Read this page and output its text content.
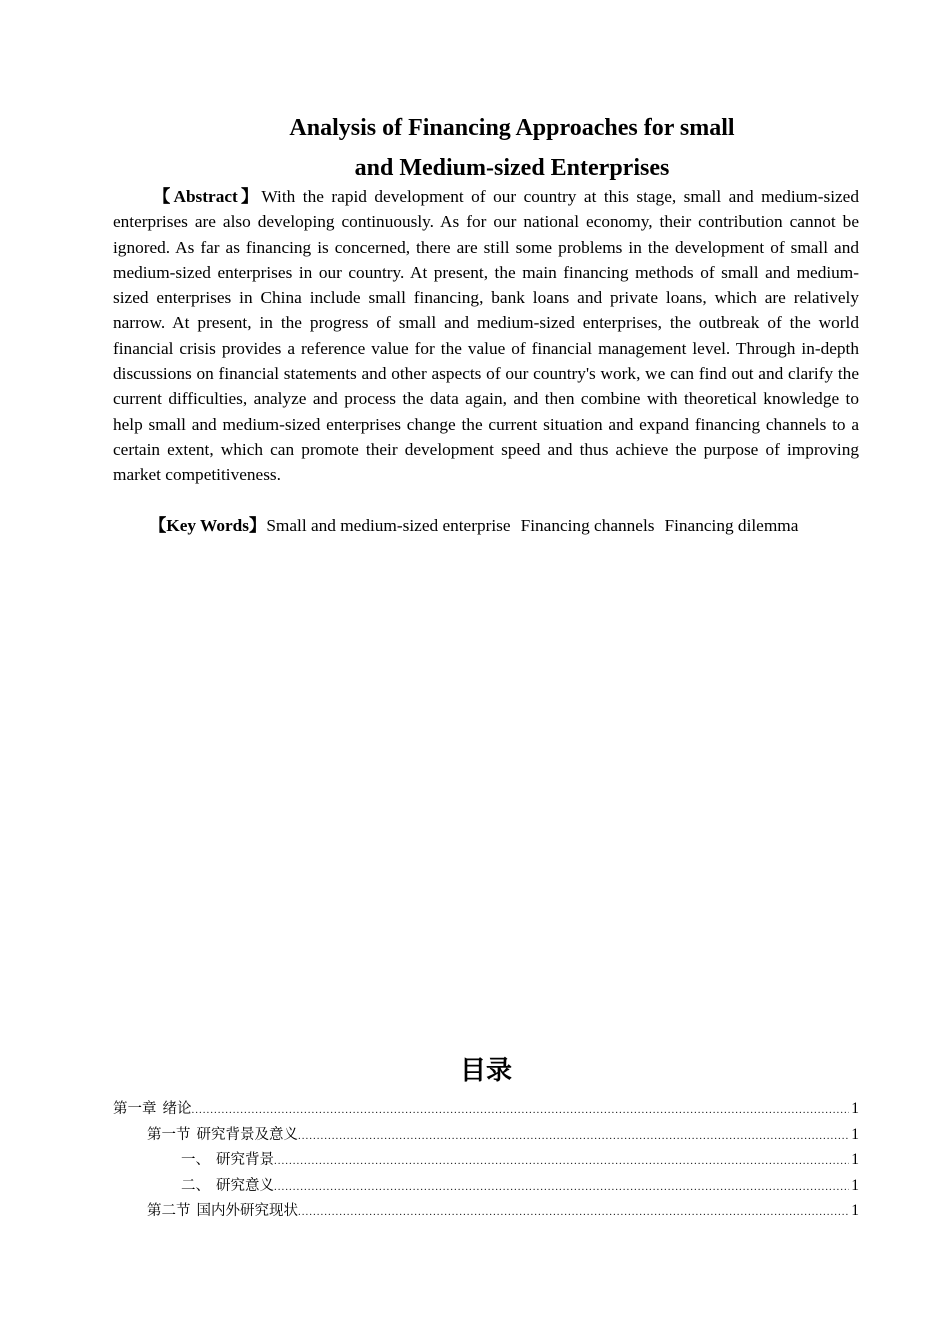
Analysis of Financing Approaches for small
and Medium-sized Enterprises

【Abstract】With the rapid development of our country at this stage, small and medium-sized enterprises are also developing continuously. As for our national economy, their contribution cannot be ignored. As far as financing is concerned, there are still some problems in the development of small and medium-sized enterprises in our country. At present, the main financing methods of small and medium-sized enterprises in China include small financing, bank loans and private loans, which are relatively narrow. At present, in the progress of small and medium-sized enterprises, the outbreak of the world financial crisis provides a reference value for the value of financial management level. Through in-depth discussions on financial statements and other aspects of our country's work, we can find out and clarify the current difficulties, analyze and process the data again, and then combine with theoretical knowledge to help small and medium-sized enterprises change the current situation and expand financing channels to a certain extent, which can promote their development speed and thus achieve the purpose of improving market competitiveness.

【Key Words】Small and medium-sized enterprise Financing channels Financing dilemma

目录
第一章 绪论 .....	1
第一节 研究背景及意义 .....	1
一、 研究背景 .....	1
二、 研究意义 .....	1
第二节 国内外研究现状 .....	1
